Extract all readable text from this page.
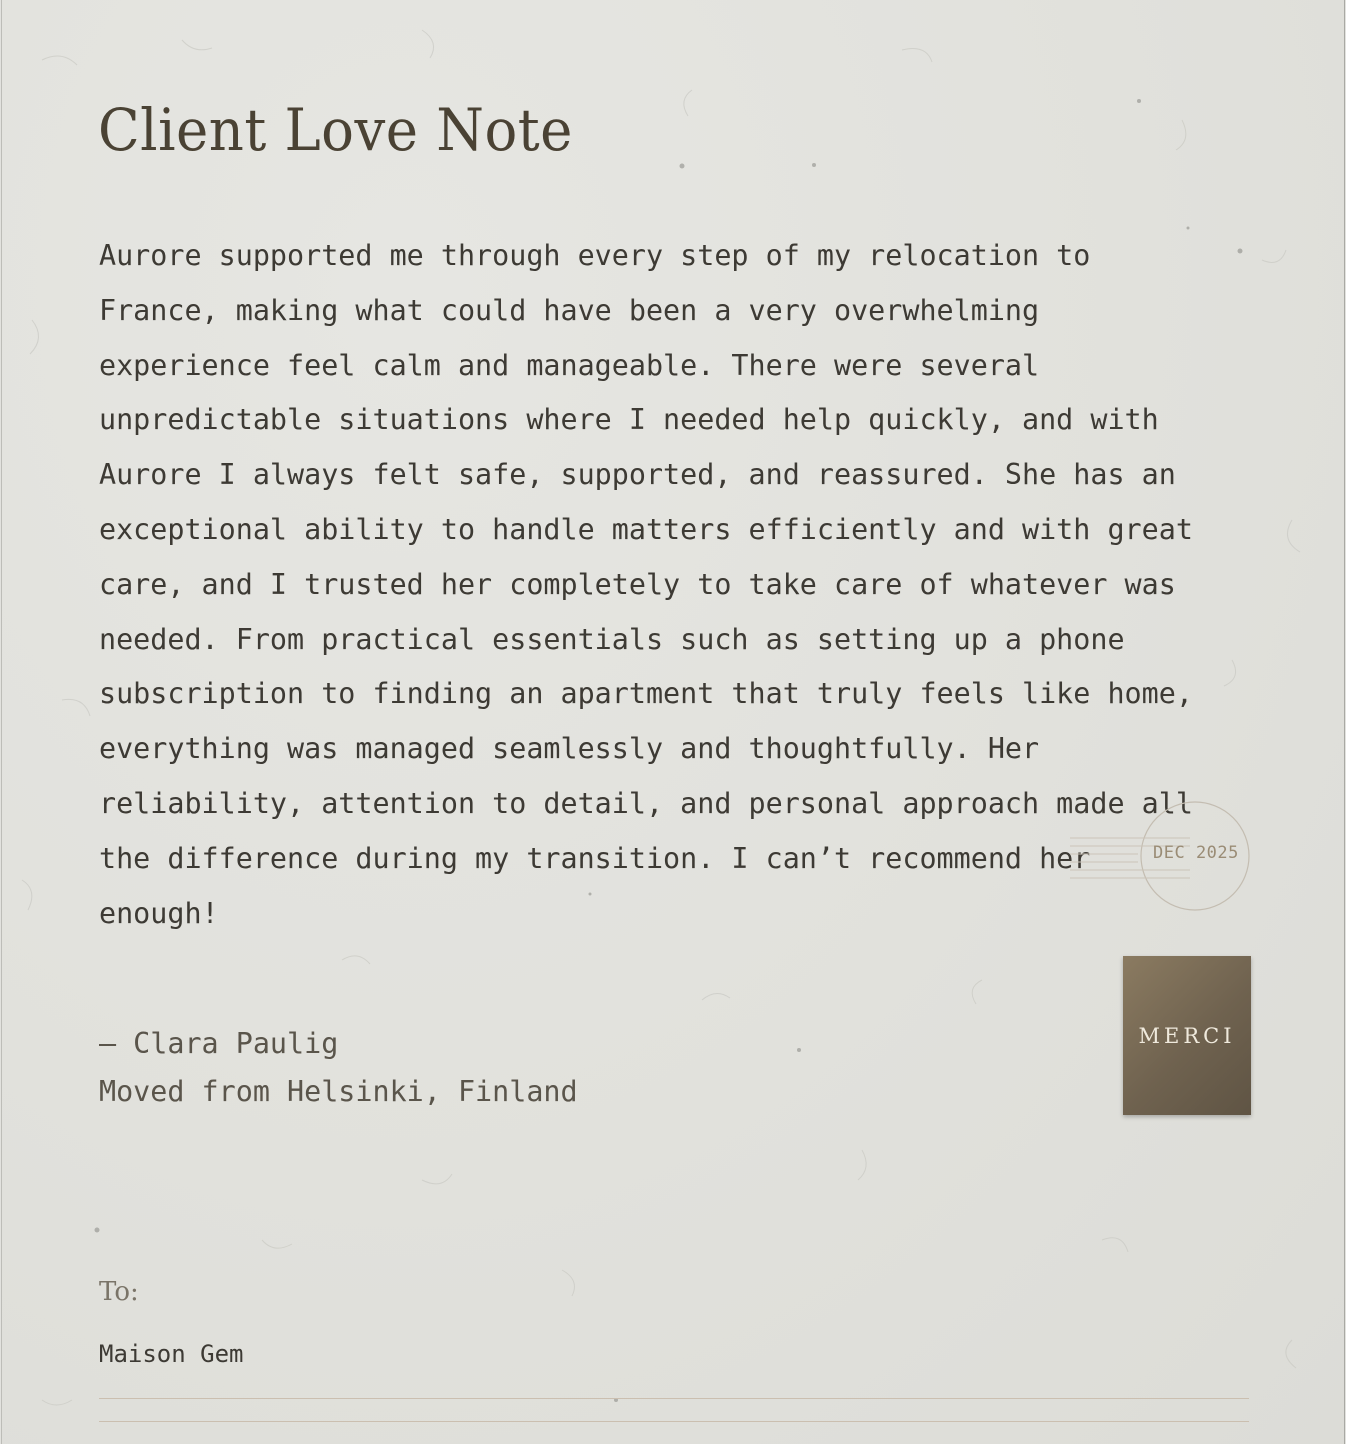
Client Love Note

Aurore supported me through every step of my relocation to France, making what could have been a very overwhelming experience feel calm and manageable. There were several unpredictable situations where I needed help quickly, and with Aurore I always felt safe, supported, and reassured. She has an exceptional ability to handle matters efficiently and with great care, and I trusted her completely to take care of whatever was needed. From practical essentials such as setting up a phone subscription to finding an apartment that truly feels like home, everything was managed seamlessly and thoughtfully. Her reliability, attention to detail, and personal approach made all the difference during my transition. I can’t recommend her enough!

— Clara Paulig
Moved from Helsinki, Finland
DEC 2025
MERCI
To:
Maison Gem
